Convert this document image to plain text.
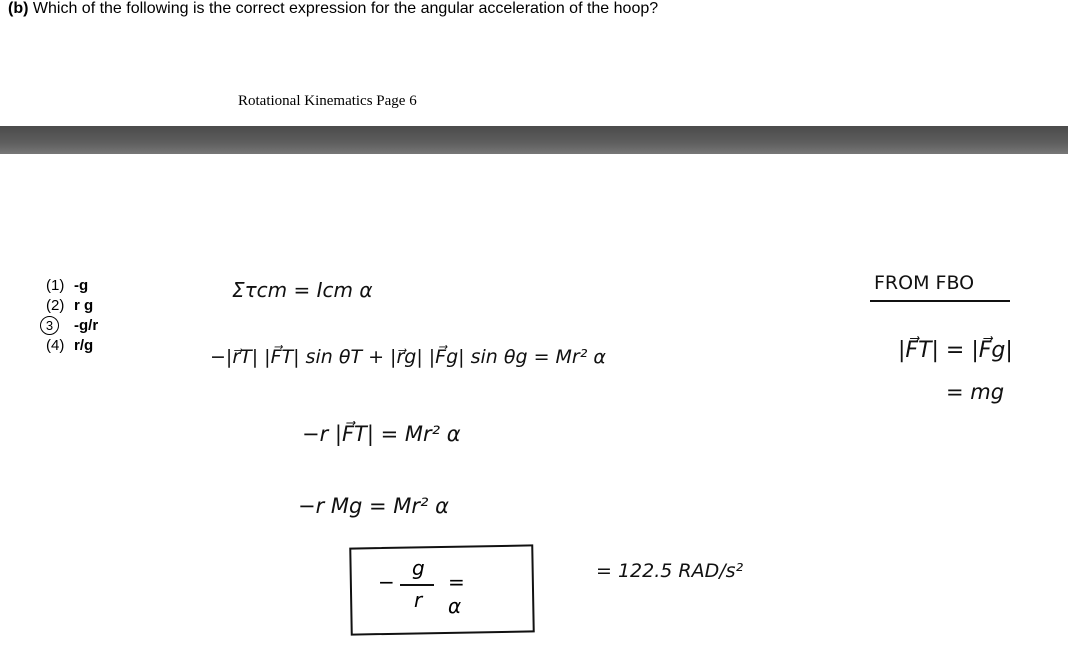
(b) Which of the following is the correct expression for the angular acceleration of the hoop?
Rotational Kinematics Page 6
(1) -g
(2) r g
3 -g/r
(4) r/g
Στcm = Icm α
−|r⃗T| |F⃗T| sin θT + |r⃗g| |F⃗g| sin θg = Mr² α
−r |F⃗T| = Mr² α
−r Mg = Mr² α
−
g
r
= α
= 122.5 RAD/s²
FROM FBO
|F⃗T| = |F⃗g|
= mg
